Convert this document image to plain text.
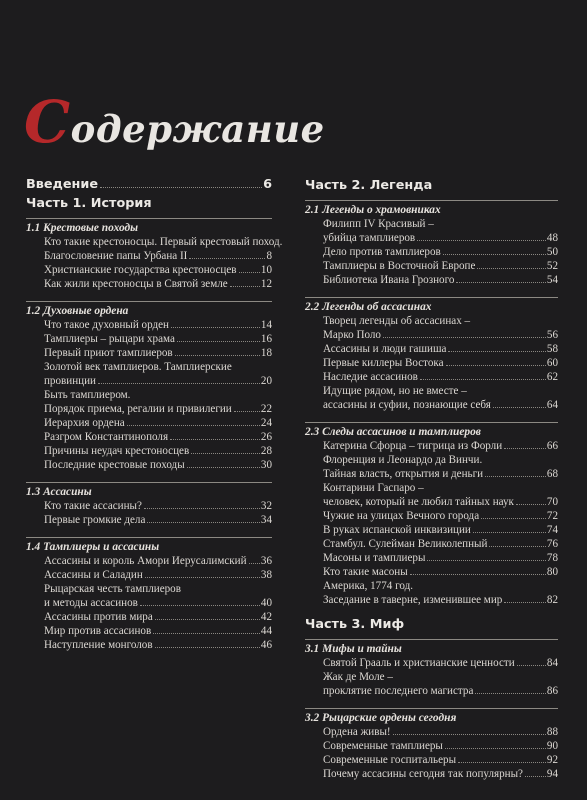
Содержание
Введение	6
Часть 1. История
1.1 Крестовые походы
Кто такие крестоносцы. Первый крестовый поход.
Благословение папы Урбана II	8
Христианские государства крестоносцев 10
Как жили крестоносцы в Святой земле	12
1.2 Духовные ордена
Что такое духовный орден	14
Тамплиеры – рыцари храма	16
Первый приют тамплиеров	18
Золотой век тамплиеров. Тамплиерские
провинции	20
Быть тамплиером.
Порядок приема, регалии и привилегии	22
Иерархия ордена	24
Разгром Константинополя	26
Причины неудач крестоносцев	28
Последние крестовые походы	30
1.3 Ассасины
Кто такие ассасины?	32
Первые громкие дела	34
1.4 Тамплиеры и ассасины
Ассасины и король Амори Иерусалимский 36
Ассасины и Саладин	38
Рыцарская честь тамплиеров
и методы ассасинов	40
Ассасины против мира	42
Мир против ассасинов	44
Наступление монголов	46
Часть 2. Легенда
2.1 Легенды о храмовниках
Филипп IV Красивый –
убийца тамплиеров	48
Дело против тамплиеров	50
Тамплиеры в Восточной Европе	52
Библиотека Ивана Грозного	54
2.2 Легенды об ассасинах
Творец легенды об ассасинах –
Марко Поло	56
Ассасины и люди гашиша	58
Первые киллеры Востока	60
Наследие ассасинов	62
Идущие рядом, но не вместе –
ассасины и суфии, познающие себя	64
2.3 Следы ассасинов и тамплиеров
Катерина Сфорца – тигрица из Форли	66
Флоренция и Леонардо да Винчи.
Тайная власть, открытия и деньги	68
Контарини Гаспаро –
человек, который не любил тайных наук	70
Чужие на улицах Вечного города	72
В руках испанской инквизиции	74
Стамбул. Сулейман Великолепный	76
Масоны и тамплиеры	78
Кто такие масоны	80
Америка, 1774 год.
Заседание в таверне, изменившее мир	82
Часть 3. Миф
3.1 Мифы и тайны
Святой Грааль и христианские ценности	84
Жак де Моле –
проклятие последнего магистра	86
3.2 Рыцарские ордены сегодня
Ордена живы!	88
Современные тамплиеры	90
Современные госпитальеры	92
Почему ассасины сегодня так популярны? 94
